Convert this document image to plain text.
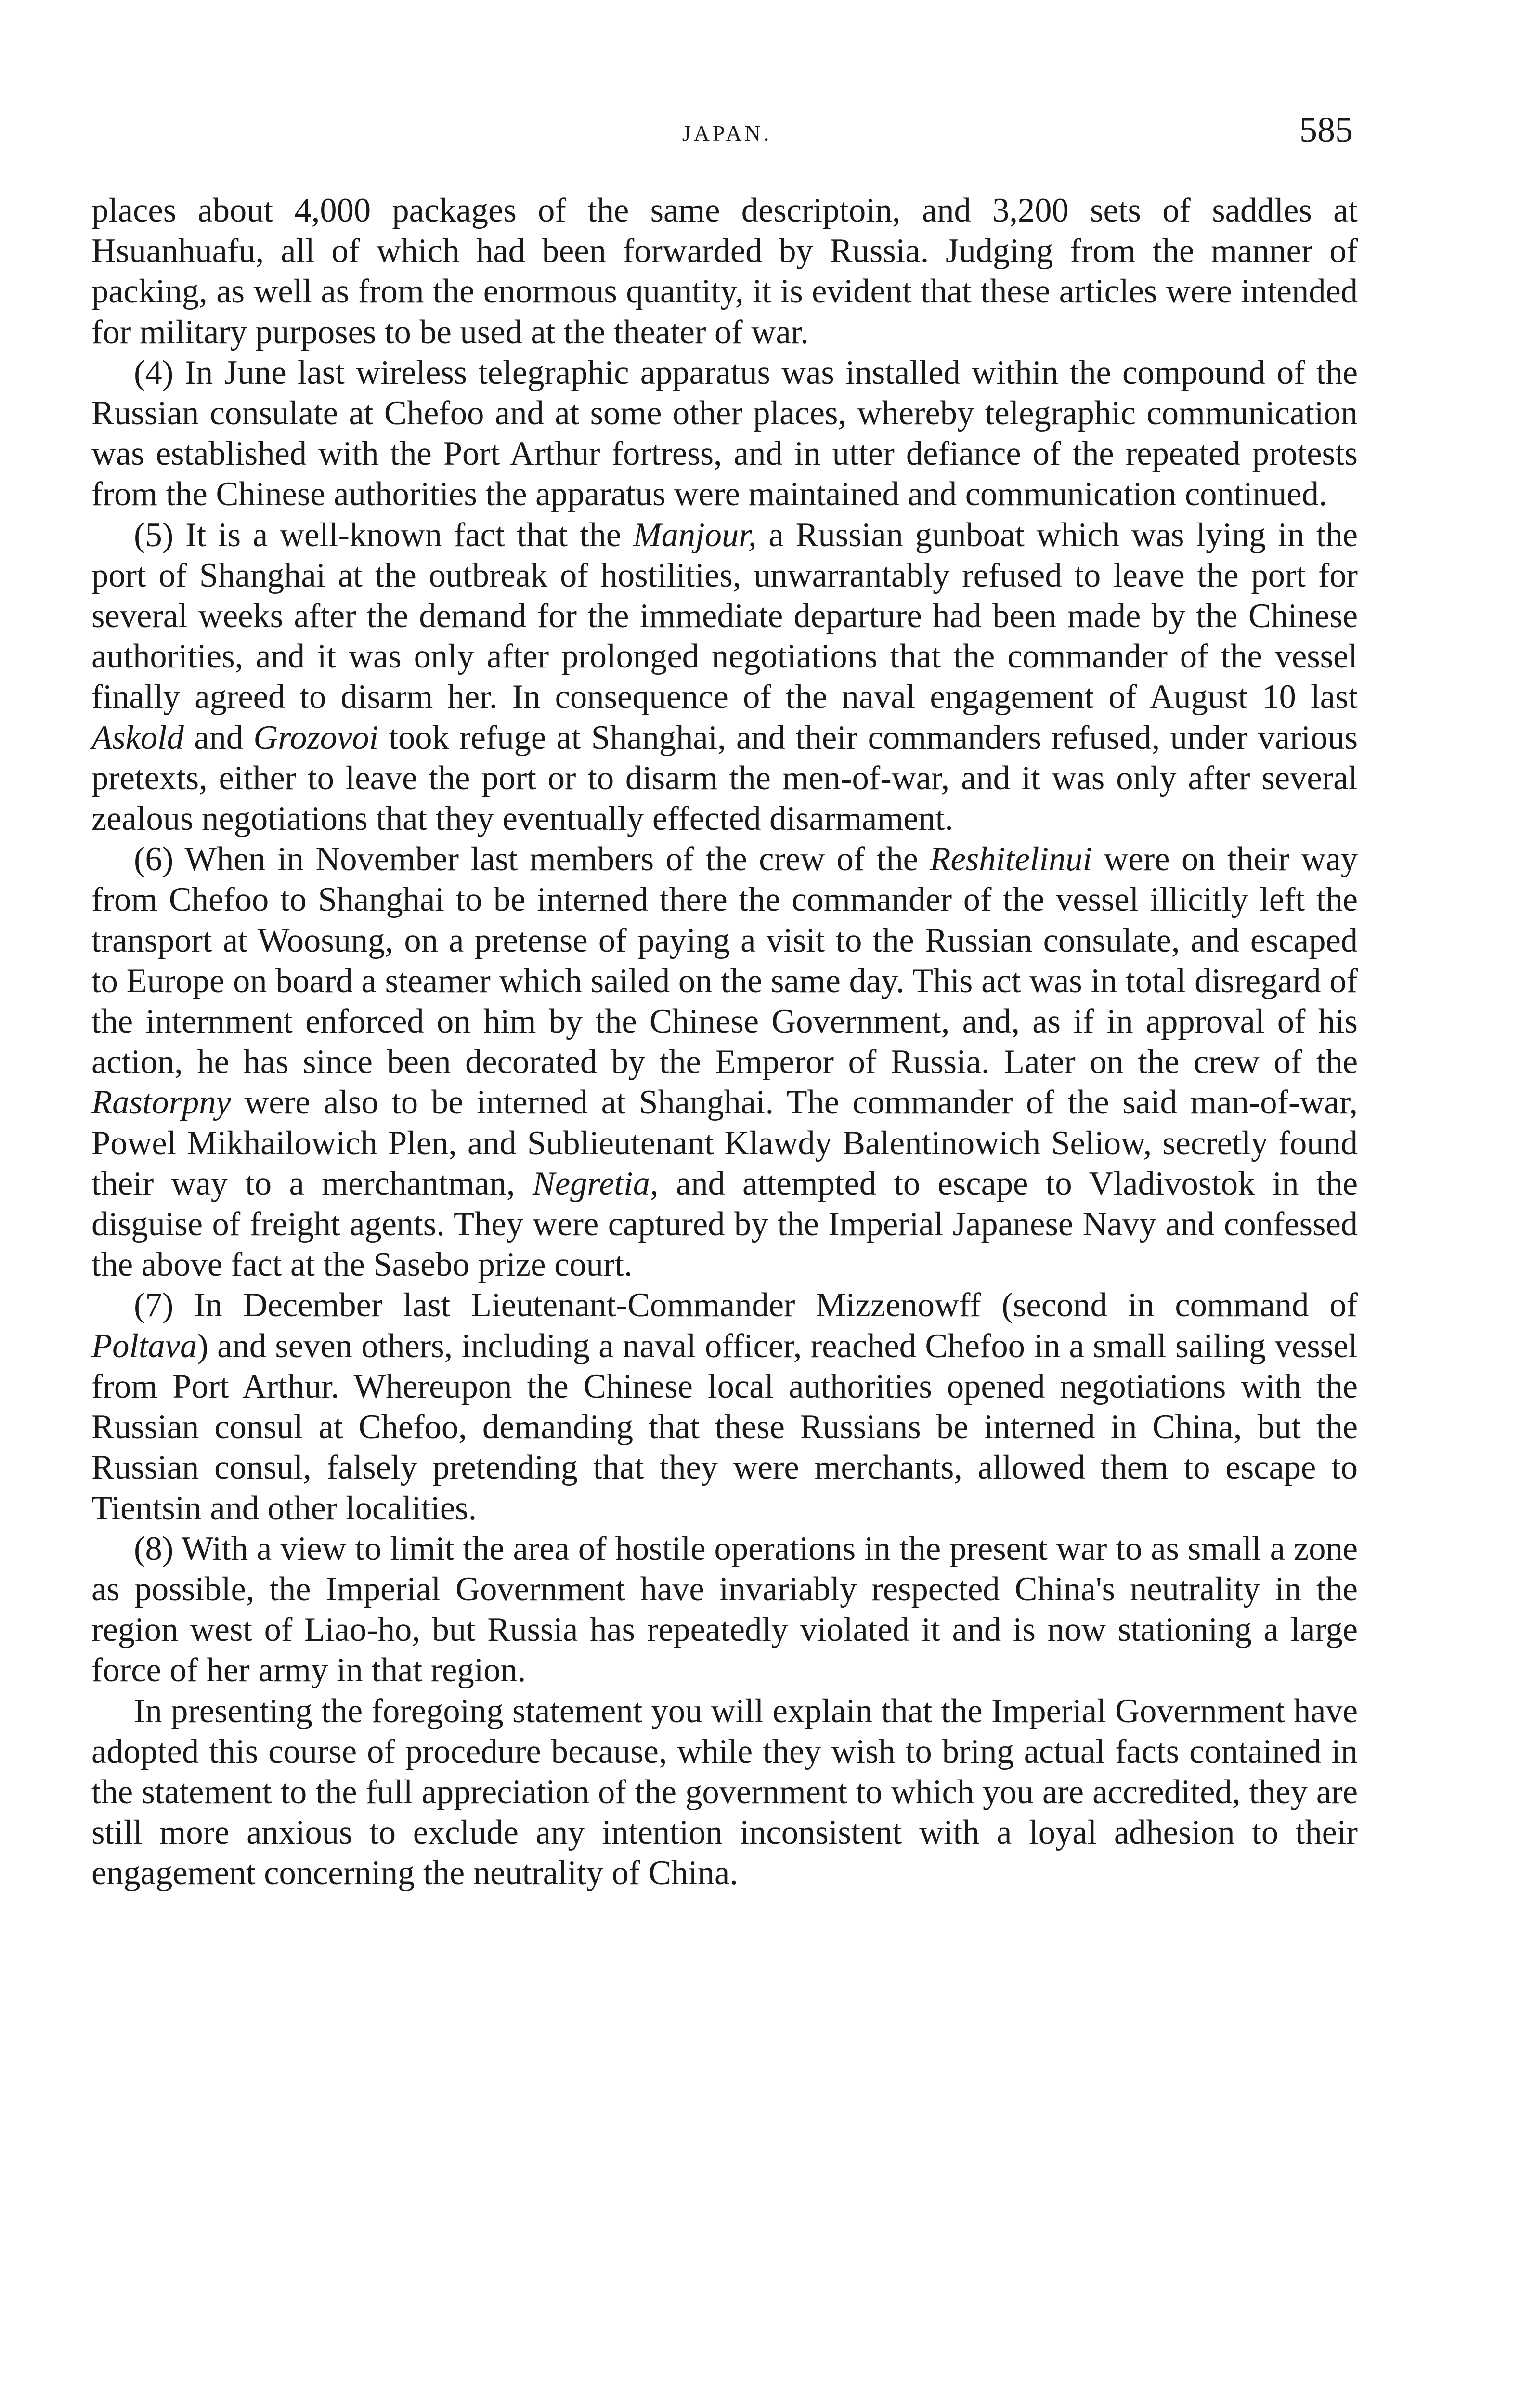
JAPAN.	585

places about 4,000 packages of the same descriptoin, and 3,200 sets of saddles at Hsuanhuafu, all of which had been forwarded by Russia. Judging from the manner of packing, as well as from the enormous quantity, it is evident that these articles were intended for military purposes to be used at the theater of war.

(4) In June last wireless telegraphic apparatus was installed within the compound of the Russian consulate at Chefoo and at some other places, whereby telegraphic communication was established with the Port Arthur fortress, and in utter defiance of the repeated protests from the Chinese authorities the apparatus were maintained and communication continued.

(5) It is a well-known fact that the Manjour, a Russian gunboat which was lying in the port of Shanghai at the outbreak of hostilities, unwarrantably refused to leave the port for several weeks after the demand for the immediate departure had been made by the Chinese authorities, and it was only after prolonged negotiations that the commander of the vessel finally agreed to disarm her. In consequence of the naval engagement of August 10 last Askold and Grozovoi took refuge at Shanghai, and their commanders refused, under various pretexts, either to leave the port or to disarm the men-of-war, and it was only after several zealous negotiations that they eventually effected disarmament.

(6) When in November last members of the crew of the Reshitelinui were on their way from Chefoo to Shanghai to be interned there the commander of the vessel illicitly left the transport at Woosung, on a pretense of paying a visit to the Russian consulate, and escaped to Europe on board a steamer which sailed on the same day. This act was in total disregard of the internment enforced on him by the Chinese Government, and, as if in approval of his action, he has since been decorated by the Emperor of Russia. Later on the crew of the Rastorpny were also to be interned at Shanghai. The commander of the said man-of-war, Powel Mikhailowich Plen, and Sublieutenant Klawdy Balentinowich Seliow, secretly found their way to a merchantman, Negretia, and attempted to escape to Vladivostok in the disguise of freight agents. They were captured by the Imperial Japanese Navy and confessed the above fact at the Sasebo prize court.

(7) In December last Lieutenant-Commander Mizzenowff (second in command of Poltava) and seven others, including a naval officer, reached Chefoo in a small sailing vessel from Port Arthur. Whereupon the Chinese local authorities opened negotiations with the Russian consul at Chefoo, demanding that these Russians be interned in China, but the Russian consul, falsely pretending that they were merchants, allowed them to escape to Tientsin and other localities.

(8) With a view to limit the area of hostile operations in the present war to as small a zone as possible, the Imperial Government have invariably respected China's neutrality in the region west of Liao-ho, but Russia has repeatedly violated it and is now stationing a large force of her army in that region.

In presenting the foregoing statement you will explain that the Imperial Government have adopted this course of procedure because, while they wish to bring actual facts contained in the statement to the full appreciation of the government to which you are accredited, they are still more anxious to exclude any intention inconsistent with a loyal adhesion to their engagement concerning the neutrality of China.
